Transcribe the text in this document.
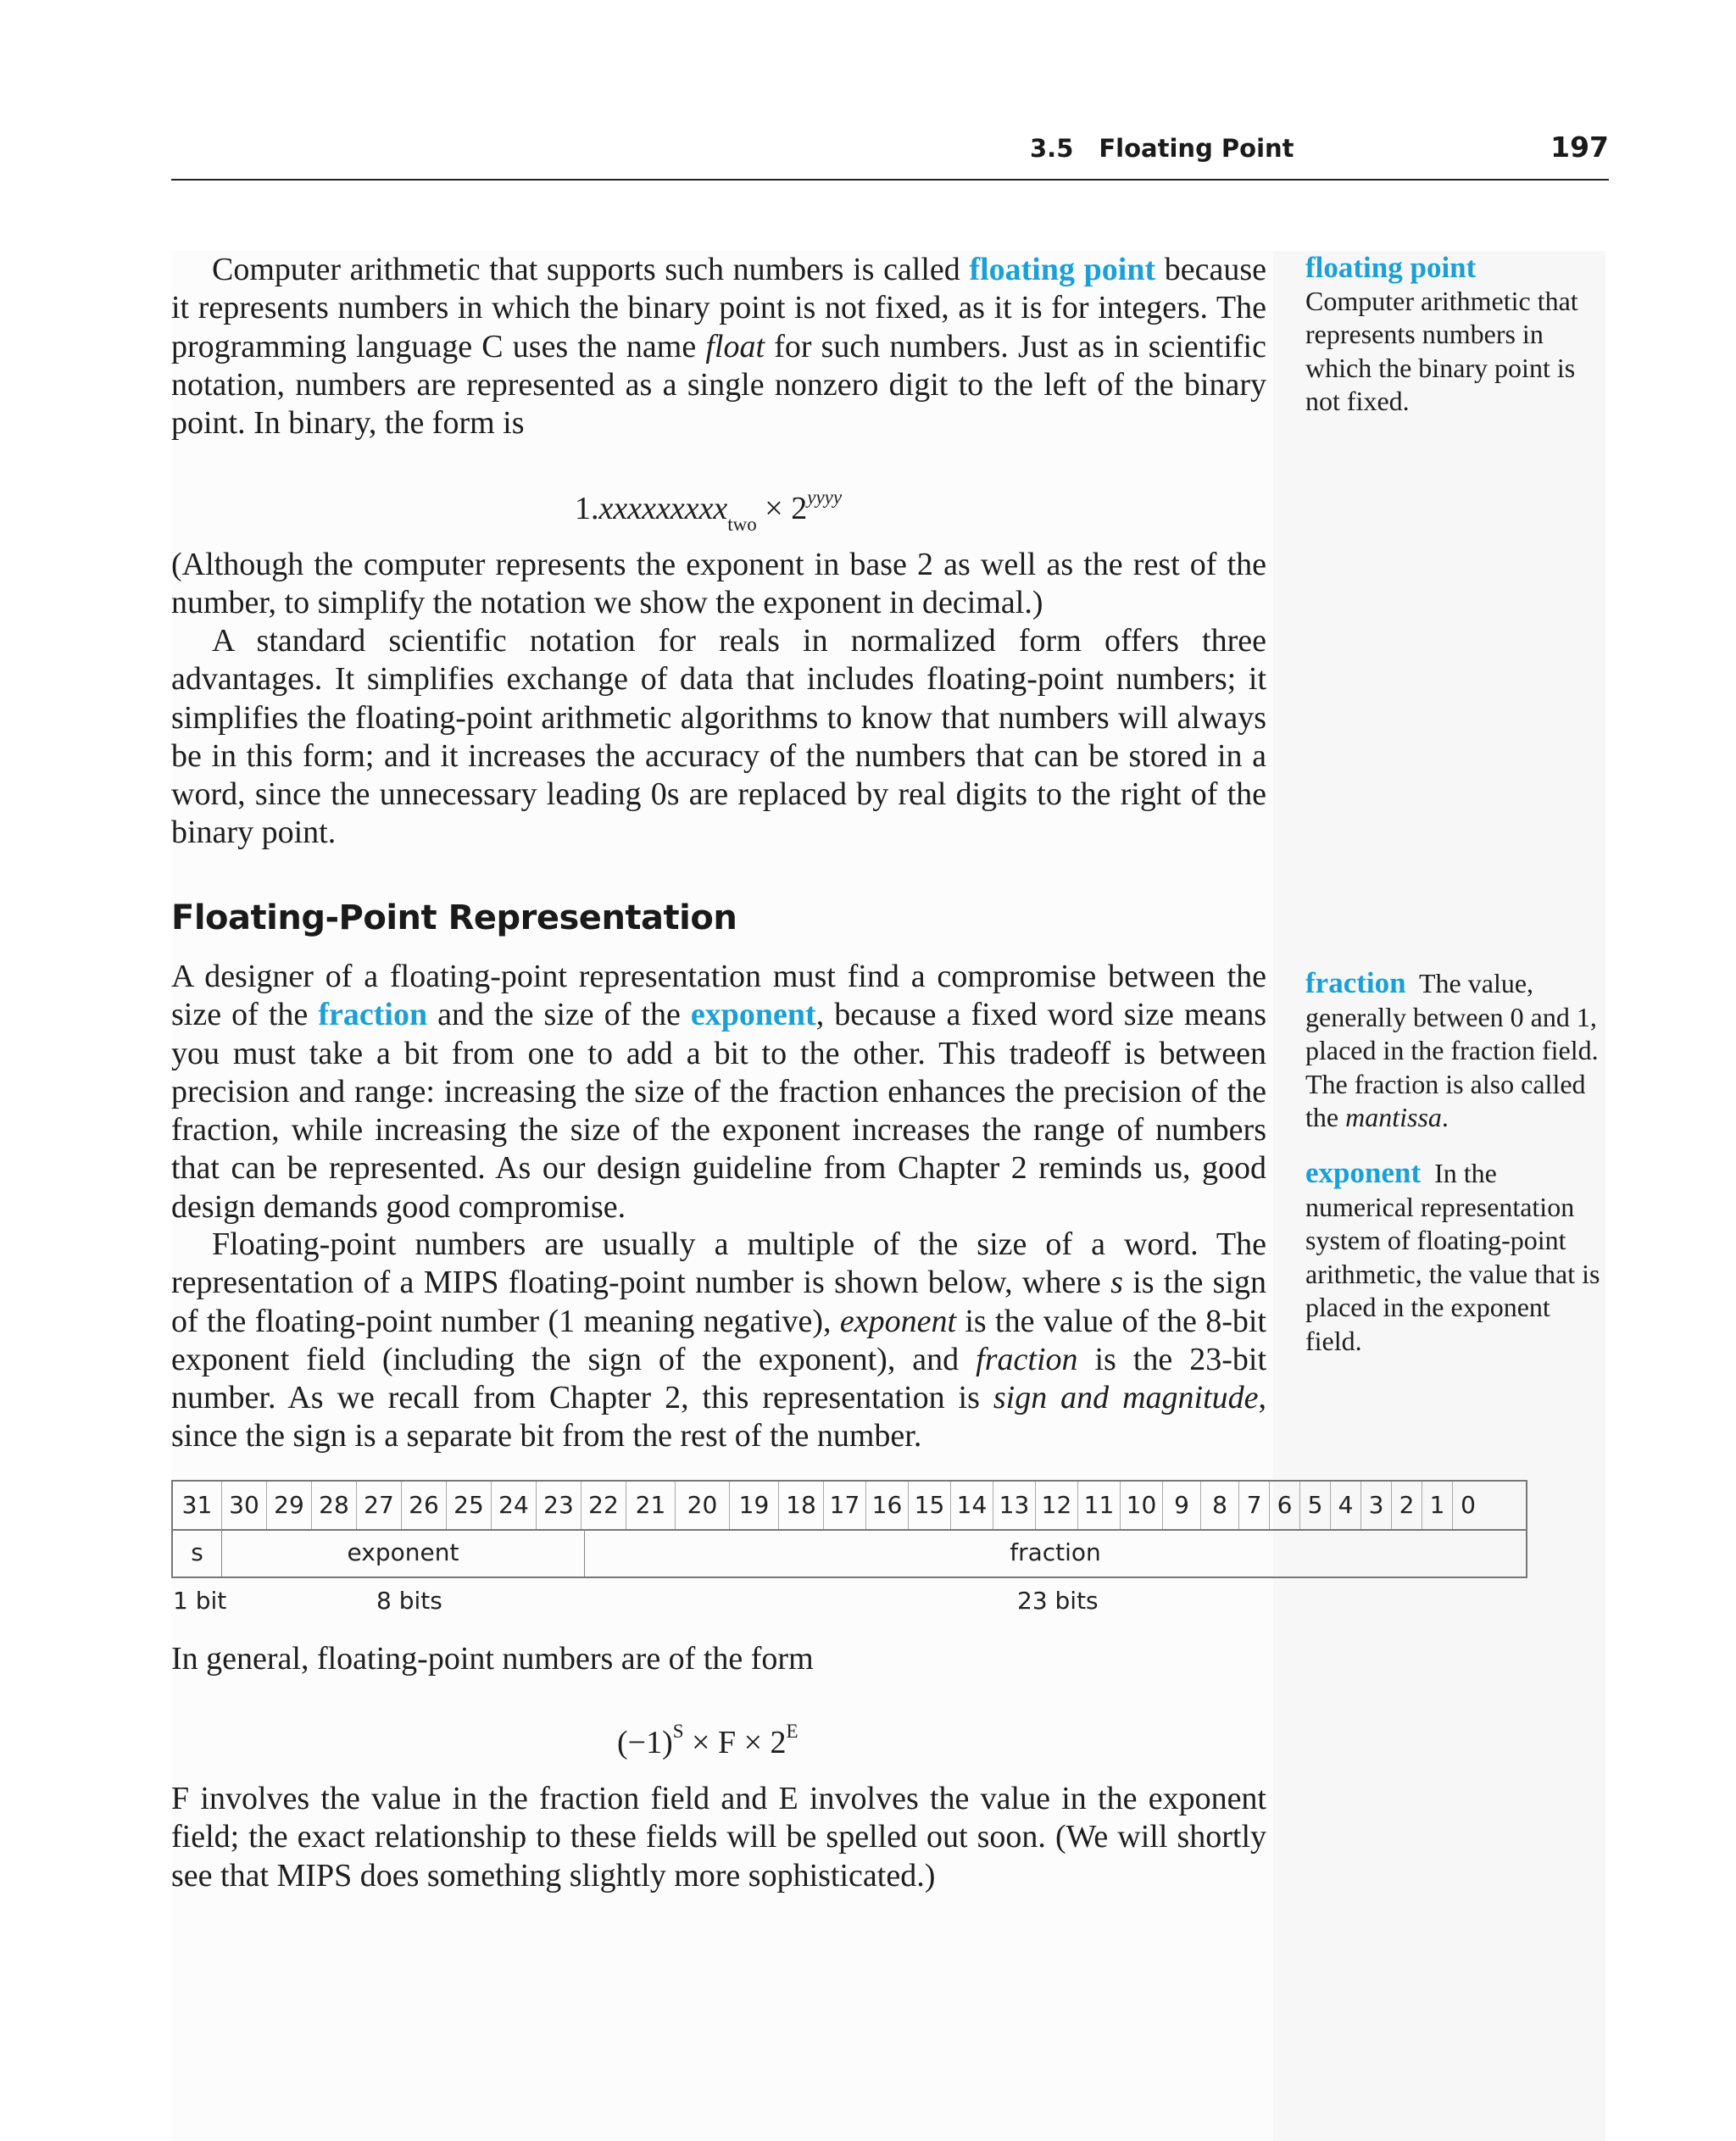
3.5 Floating Point	197
Computer arithmetic that supports such numbers is called floating point because it represents numbers in which the binary point is not fixed, as it is for integers. The programming language C uses the name float for such numbers. Just as in scientific notation, numbers are represented as a single nonzero digit to the left of the binary point. In binary, the form is
1.xxxxxxxxx$_{two}$ × $2^{yyyy}$
(Although the computer represents the exponent in base 2 as well as the rest of the number, to simplify the notation we show the exponent in decimal.)
A standard scientific notation for reals in normalized form offers three advantages. It simplifies exchange of data that includes floating-point numbers; it simplifies the floating-point arithmetic algorithms to know that numbers will always be in this form; and it increases the accuracy of the numbers that can be stored in a word, since the unnecessary leading 0s are replaced by real digits to the right of the binary point.
Floating-Point Representation
A designer of a floating-point representation must find a compromise between the size of the fraction and the size of the exponent, because a fixed word size means you must take a bit from one to add a bit to the other. This tradeoff is between precision and range: increasing the size of the fraction enhances the precision of the fraction, while increasing the size of the exponent increases the range of numbers that can be represented. As our design guideline from Chapter 2 reminds us, good design demands good compromise.
Floating-point numbers are usually a multiple of the size of a word. The representation of a MIPS floating-point number is shown below, where s is the sign of the floating-point number (1 meaning negative), exponent is the value of the 8-bit exponent field (including the sign of the exponent), and fraction is the 23-bit number. As we recall from Chapter 2, this representation is sign and magnitude, since the sign is a separate bit from the rest of the number.
31 30 29 28 27 26 25 24 23 22 21 20 19 18 17 16 15 14 13 12 11 10 9 8 7 6 5 4 3 2 1 0
s	exponent	fraction
1 bit	8 bits	23 bits
In general, floating-point numbers are of the form
$(-1)^S \times F \times 2^E$
F involves the value in the fraction field and E involves the value in the exponent field; the exact relationship to these fields will be spelled out soon. (We will shortly see that MIPS does something slightly more sophisticated.)
floating point
Computer arithmetic that represents numbers in which the binary point is not fixed.
fraction The value, generally between 0 and 1, placed in the fraction field. The fraction is also called the mantissa.
exponent In the numerical representation system of floating-point arithmetic, the value that is placed in the exponent field.
